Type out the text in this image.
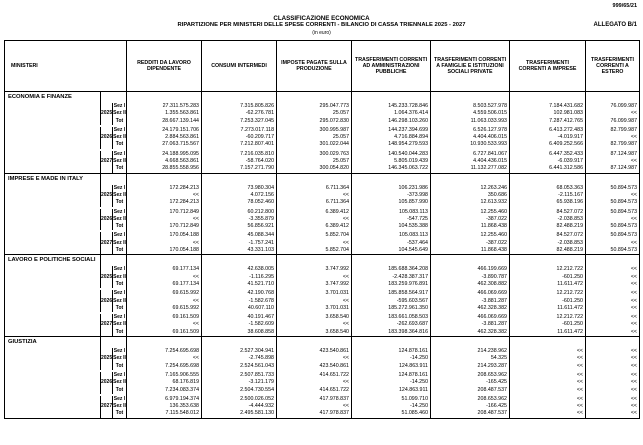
999/65/21
CLASSIFICAZIONE ECONOMICA
RIPARTIZIONE PER MINISTERI DELLE SPESE CORRENTI - BILANCIO DI CASSA TRIENNALE 2025 - 2027
(in euro)
ALLEGATO B/1
MINISTERI			REDDITI DA LAVORO DIPENDENTE	CONSUMI INTERMEDI	IMPOSTE PAGATE SULLA PRODUZIONE	TRASFERIMENTI CORRENTI AD AMMINISTRAZIONI PUBBLICHE	TRASFERIMENTI CORRENTI A FAMIGLIE E ISTITUZIONI SOCIALI PRIVATE	TRASFERIMENTI CORRENTI A IMPRESE	TRASFERIMENTI CORRENTI A ESTERO
ECONOMIA E FINANZE									
		Sez I	27.311.575.283	7.315.805.826	295.047.773	145.233.728.846	8.503.527.978	7.184.431.682	76.099.987
	2025	Sez II	1.355.563.861	-62.276.781	25.057	1.064.376.414	4.559.506.015	102.981.083	<<
		Tot	28.667.139.144	7.253.327.045	295.072.830	146.298.103.260	11.063.033.993	7.287.412.765	76.099.987

		Sez I	24.179.151.706	7.273.017.118	300.995.987	144.237.394.699	6.526.127.978	6.413.272.483	82.799.987
	2026	Sez II	2.884.563.861	-60.209.717	25.057	4.716.884.894	4.404.406.015	-4.019.917	<<
		Tot	27.063.715.567	7.212.807.401	301.022.044	148.954.279.593	10.930.533.993	6.409.252.566	82.799.987

		Sez I	24.188.995.095	7.216.035.810	300.029.763	140.540.044.283	6.727.841.067	6.447.352.433	87.124.987
	2027	Sez II	4.668.563.861	-58.764.020	25.057	5.805.019.439	4.404.436.015	-6.039.917	<<
		Tot	28.855.558.956	7.157.271.790	300.054.820	146.345.063.722	11.132.277.082	6.441.312.586	87.124.987
IMPRESE E MADE IN ITALY									
		Sez I	172.284.213	73.980.304	6.711.364	106.231.986	12.263.246	68.053.363	50.894.573
	2025	Sez II	<<	4.072.156	<<	-373.998	350.686	-2.115.167	<<
		Tot	172.284.213	78.052.460	6.711.364	105.857.990	12.613.932	65.938.196	50.894.573

		Sez I	170.712.849	60.212.800	6.389.412	105.083.113	12.255.460	84.527.072	50.894.573
	2026	Sez II	<<	-3.355.879	<<	-547.725	-387.022	-2.038.853	<<
		Tot	170.712.849	56.856.921	6.389.412	104.535.388	11.868.438	82.488.219	50.894.573

		Sez I	170.054.188	45.088.344	5.852.704	105.083.113	12.255.460	84.527.072	50.894.573
	2027	Sez II	<<	-1.757.241	<<	-537.464	-387.022	-2.038.853	<<
		Tot	170.054.188	43.331.103	5.852.704	104.545.649	11.868.438	82.488.219	50.894.573
LAVORO E POLITICHE SOCIALI									
		Sez I	69.177.134	42.638.005	3.747.992	185.688.364.208	466.199.669	12.212.722	<<
	2025	Sez II	<<	-1.116.295	<<	-2.428.387.317	-3.890.787	-601.250	<<
		Tot	69.177.134	41.521.710	3.747.992	183.259.976.891	462.308.882	11.611.472	<<

		Sez I	69.615.992	42.190.768	3.701.031	185.858.564.917	466.069.669	12.212.722	<<
	2026	Sez II	<<	-1.582.678	<<	-595.603.567	-3.881.287	-601.250	<<
		Tot	69.615.992	40.607.110	3.701.031	185.272.961.350	462.328.382	11.611.472	<<

		Sez I	69.161.509	40.191.467	3.658.540	183.661.058.503	466.069.669	12.212.722	<<
	2027	Sez II	<<	-1.582.609	<<	-262.693.687	-3.881.287	-601.250	<<
		Tot	69.161.509	38.608.858	3.658.540	183.398.364.816	462.328.382	11.611.472	<<
GIUSTIZIA									
		Sez I	7.254.695.698	2.527.304.941	423.540.861	124.878.161	214.238.962	<<	<<
	2025	Sez II	<<	-2.745.898	<<	-14.250	54.325	<<	<<
		Tot	7.254.695.698	2.524.561.043	423.540.861	124.863.911	214.293.287	<<	<<

		Sez I	7.165.906.555	2.507.851.733	414.651.722	124.878.161	208.653.962	<<	<<
	2026	Sez II	68.176.819	-3.121.179	<<	-14.250	-165.425	<<	<<
		Tot	7.234.083.374	2.504.730.554	414.651.722	124.863.911	208.487.537	<<	<<

		Sez I	6.979.194.374	2.500.026.052	417.978.837	51.099.710	208.653.962	<<	<<
	2027	Sez II	136.353.638	-4.444.932	<<	-14.250	-166.425	<<	<<
		Tot	7.115.548.012	2.495.581.130	417.978.837	51.085.460	208.487.537	<<	<<
